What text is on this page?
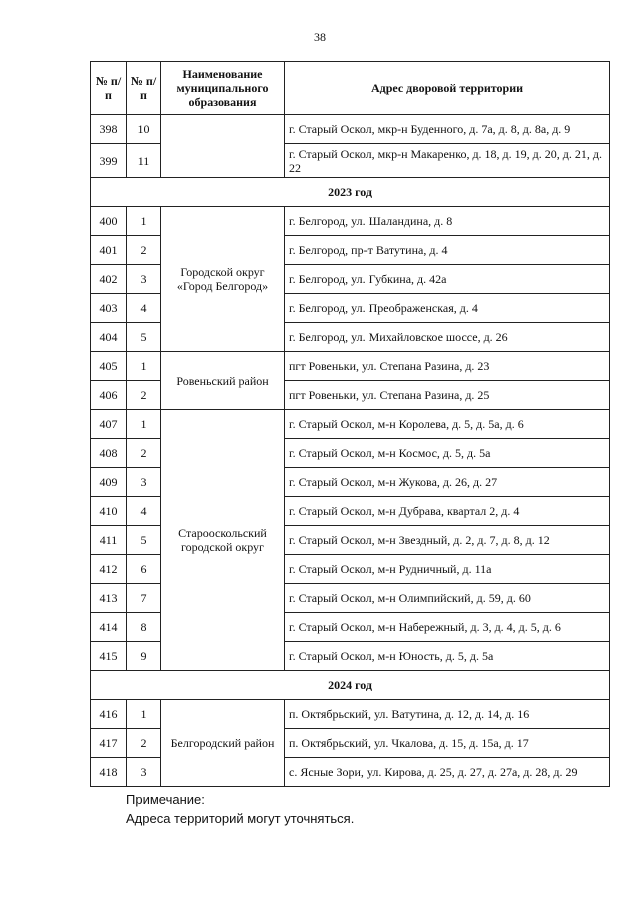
38
№ п/п	№ п/п	Наименование муниципального образования	Адрес дворовой территории
398	10		г. Старый Оскол, мкр-н Буденного, д. 7а, д. 8, д. 8а, д. 9
399	11		г. Старый Оскол, мкр-н Макаренко, д. 18, д. 19, д. 20, д. 21, д. 22
2023 год			
400	1	Городской округ «Город Белгород»	г. Белгород, ул. Шаландина, д. 8
401	2		г. Белгород, пр-т Ватутина, д. 4
402	3		г. Белгород, ул. Губкина, д. 42а
403	4		г. Белгород, ул. Преображенская, д. 4
404	5		г. Белгород, ул. Михайловское шоссе, д. 26
405	1	Ровеньский район	пгт Ровеньки, ул. Степана Разина, д. 23
406	2		пгт Ровеньки, ул. Степана Разина, д. 25
407	1	Старооскольский городской округ	г. Старый Оскол, м-н Королева, д. 5, д. 5а, д. 6
408	2		г. Старый Оскол, м-н Космос, д. 5, д. 5а
409	3		г. Старый Оскол, м-н Жукова, д. 26, д. 27
410	4		г. Старый Оскол, м-н Дубрава, квартал 2, д. 4
411	5		г. Старый Оскол, м-н Звездный, д. 2, д. 7, д. 8, д. 12
412	6		г. Старый Оскол, м-н Рудничный, д. 11а
413	7		г. Старый Оскол, м-н Олимпийский, д. 59, д. 60
414	8		г. Старый Оскол, м-н Набережный, д. 3, д. 4, д. 5, д. 6
415	9		г. Старый Оскол, м-н Юность, д. 5, д. 5а
2024 год			
416	1	Белгородский район	п. Октябрьский, ул. Ватутина, д. 12, д. 14, д. 16
417	2		п. Октябрьский, ул. Чкалова, д. 15, д. 15а, д. 17
418	3		с. Ясные Зори, ул. Кирова, д. 25, д. 27, д. 27а, д. 28, д. 29
Примечание:
Адреса территорий могут уточняться.
